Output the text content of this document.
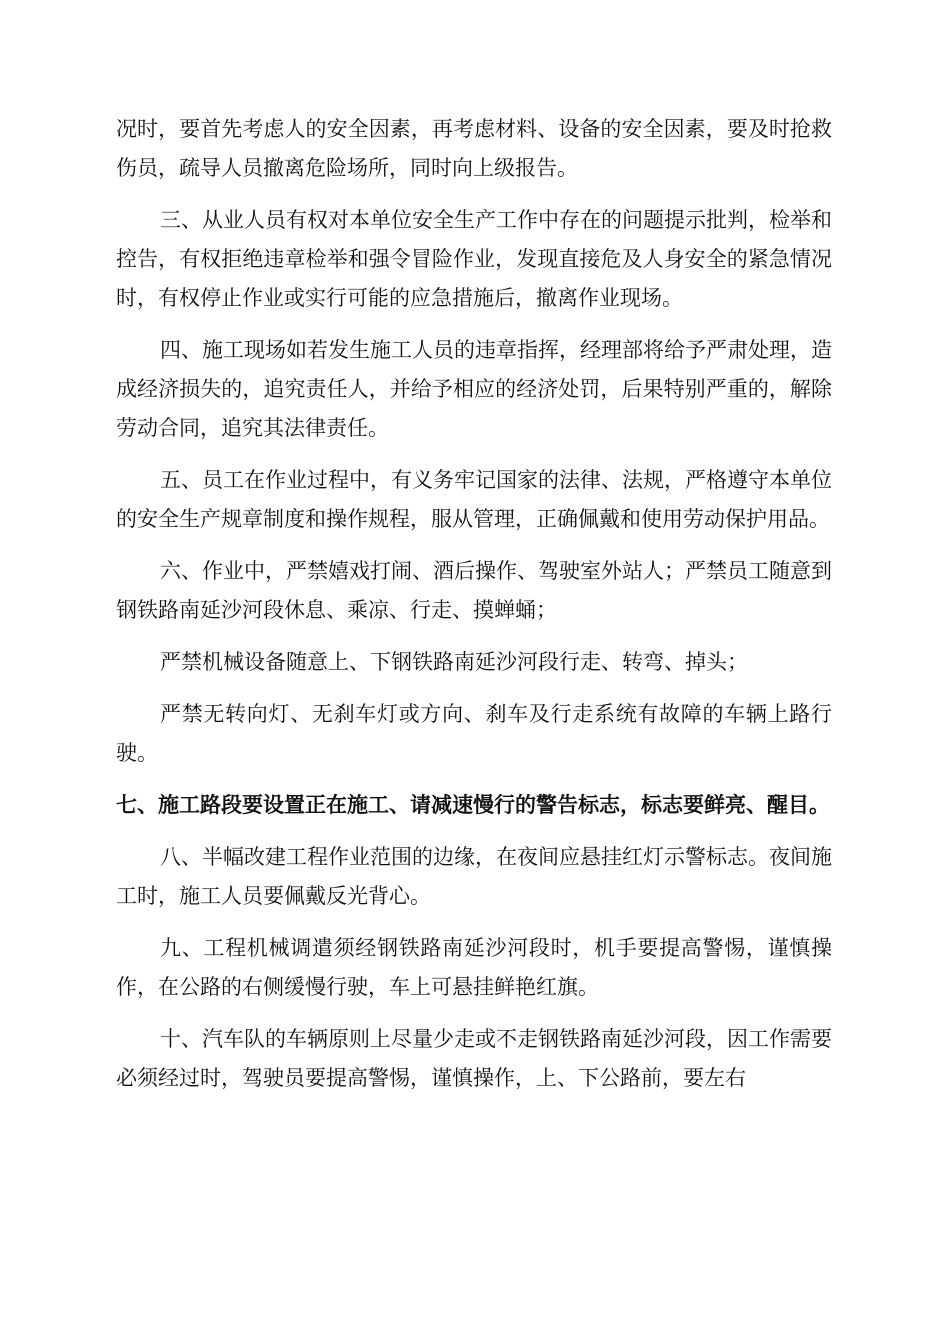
况时，要首先考虑人的安全因素，再考虑材料、设备的安全因素，要及时抢救伤员，疏导人员撤离危险场所，同时向上级报告。

三、从业人员有权对本单位安全生产工作中存在的问题提示批判，检举和控告，有权拒绝违章检举和强令冒险作业，发现直接危及人身安全的紧急情况时，有权停止作业或实行可能的应急措施后，撤离作业现场。

四、施工现场如若发生施工人员的违章指挥，经理部将给予严肃处理，造成经济损失的，追究责任人，并给予相应的经济处罚，后果特别严重的，解除劳动合同，追究其法律责任。

五、员工在作业过程中，有义务牢记国家的法律、法规，严格遵守本单位的安全生产规章制度和操作规程，服从管理，正确佩戴和使用劳动保护用品。

六、作业中，严禁嬉戏打闹、酒后操作、驾驶室外站人；严禁员工随意到钢铁路南延沙河段休息、乘凉、行走、摸蝉蛹；

严禁机械设备随意上、下钢铁路南延沙河段行走、转弯、掉头；

严禁无转向灯、无刹车灯或方向、刹车及行走系统有故障的车辆上路行驶。

七、施工路段要设置正在施工、请减速慢行的警告标志，标志要鲜亮、醒目。

八、半幅改建工程作业范围的边缘，在夜间应悬挂红灯示警标志。夜间施工时，施工人员要佩戴反光背心。

九、工程机械调遣须经钢铁路南延沙河段时，机手要提高警惕，谨慎操作，在公路的右侧缓慢行驶，车上可悬挂鲜艳红旗。

十、汽车队的车辆原则上尽量少走或不走钢铁路南延沙河段，因工作需要必须经过时，驾驶员要提高警惕，谨慎操作，上、下公路前，要左右
